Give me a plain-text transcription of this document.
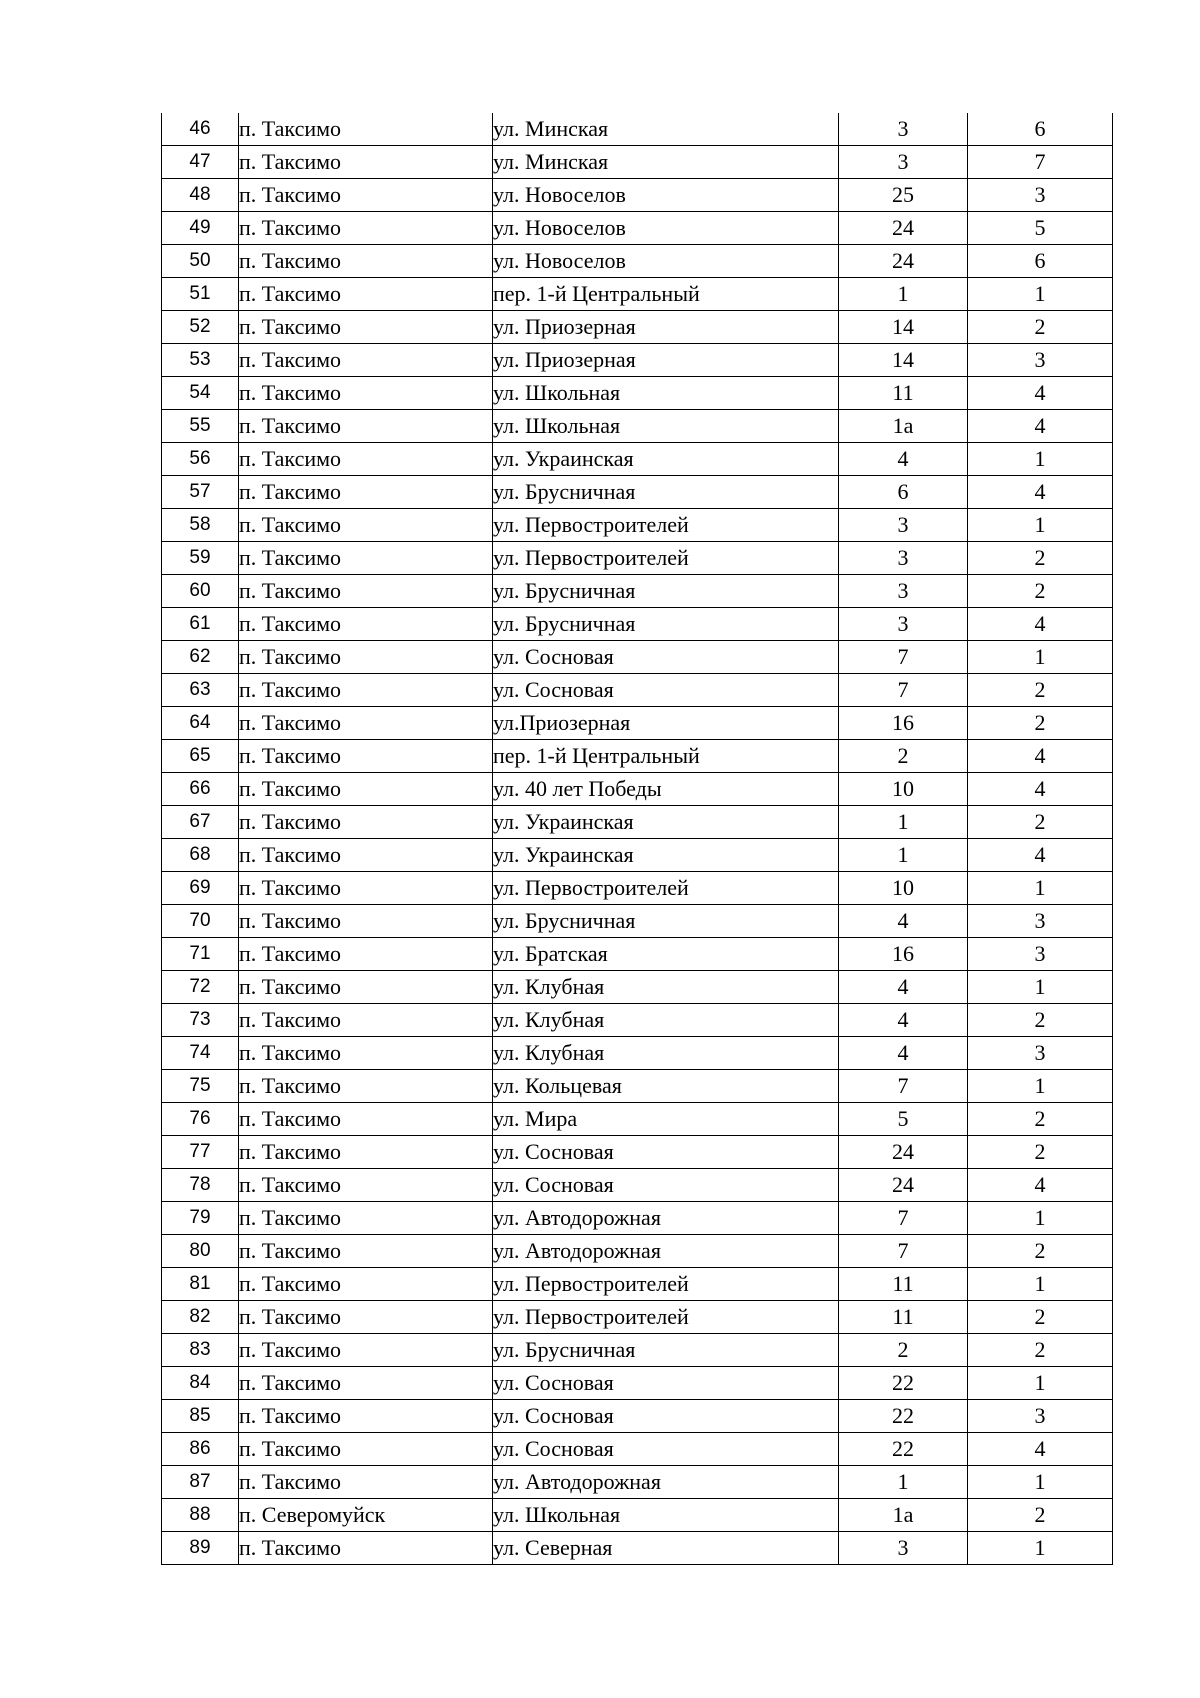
46	п. Таксимо	ул. Минская	3	6
47	п. Таксимо	ул. Минская	3	7
48	п. Таксимо	ул. Новоселов	25	3
49	п. Таксимо	ул. Новоселов	24	5
50	п. Таксимо	ул. Новоселов	24	6
51	п. Таксимо	пер. 1-й Центральный	1	1
52	п. Таксимо	ул. Приозерная	14	2
53	п. Таксимо	ул. Приозерная	14	3
54	п. Таксимо	ул. Школьная	11	4
55	п. Таксимо	ул. Школьная	1а	4
56	п. Таксимо	ул. Украинская	4	1
57	п. Таксимо	ул. Брусничная	6	4
58	п. Таксимо	ул. Первостроителей	3	1
59	п. Таксимо	ул. Первостроителей	3	2
60	п. Таксимо	ул. Брусничная	3	2
61	п. Таксимо	ул. Брусничная	3	4
62	п. Таксимо	ул. Сосновая	7	1
63	п. Таксимо	ул. Сосновая	7	2
64	п. Таксимо	ул.Приозерная	16	2
65	п. Таксимо	пер. 1-й Центральный	2	4
66	п. Таксимо	ул. 40 лет Победы	10	4
67	п. Таксимо	ул. Украинская	1	2
68	п. Таксимо	ул. Украинская	1	4
69	п. Таксимо	ул. Первостроителей	10	1
70	п. Таксимо	ул. Брусничная	4	3
71	п. Таксимо	ул. Братская	16	3
72	п. Таксимо	ул. Клубная	4	1
73	п. Таксимо	ул. Клубная	4	2
74	п. Таксимо	ул. Клубная	4	3
75	п. Таксимо	ул. Кольцевая	7	1
76	п. Таксимо	ул. Мира	5	2
77	п. Таксимо	ул. Сосновая	24	2
78	п. Таксимо	ул. Сосновая	24	4
79	п. Таксимо	ул. Автодорожная	7	1
80	п. Таксимо	ул. Автодорожная	7	2
81	п. Таксимо	ул. Первостроителей	11	1
82	п. Таксимо	ул. Первостроителей	11	2
83	п. Таксимо	ул. Брусничная	2	2
84	п. Таксимо	ул. Сосновая	22	1
85	п. Таксимо	ул. Сосновая	22	3
86	п. Таксимо	ул. Сосновая	22	4
87	п. Таксимо	ул. Автодорожная	1	1
88	п. Северомуйск	ул. Школьная	1а	2
89	п. Таксимо	ул. Северная	3	1
